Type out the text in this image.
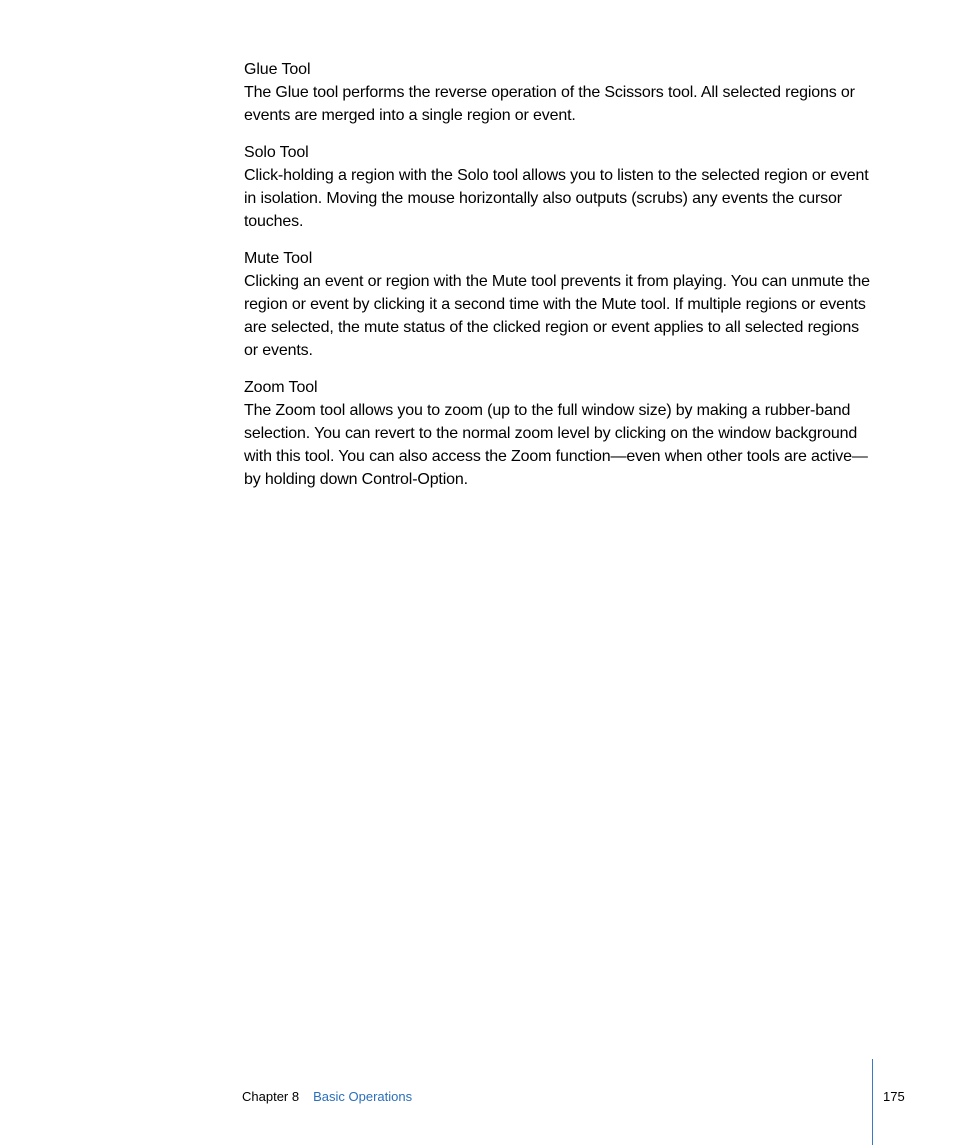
Glue Tool

The Glue tool performs the reverse operation of the Scissors tool. All selected regions or events are merged into a single region or event.

Solo Tool

Click-holding a region with the Solo tool allows you to listen to the selected region or event in isolation. Moving the mouse horizontally also outputs (scrubs) any events the cursor touches.

Mute Tool

Clicking an event or region with the Mute tool prevents it from playing. You can unmute the region or event by clicking it a second time with the Mute tool. If multiple regions or events are selected, the mute status of the clicked region or event applies to all selected regions or events.

Zoom Tool

The Zoom tool allows you to zoom (up to the full window size) by making a rubber-band selection. You can revert to the normal zoom level by clicking on the window background with this tool. You can also access the Zoom function—even when other tools are active—by holding down Control-Option.

Chapter 8 Basic Operations	175
